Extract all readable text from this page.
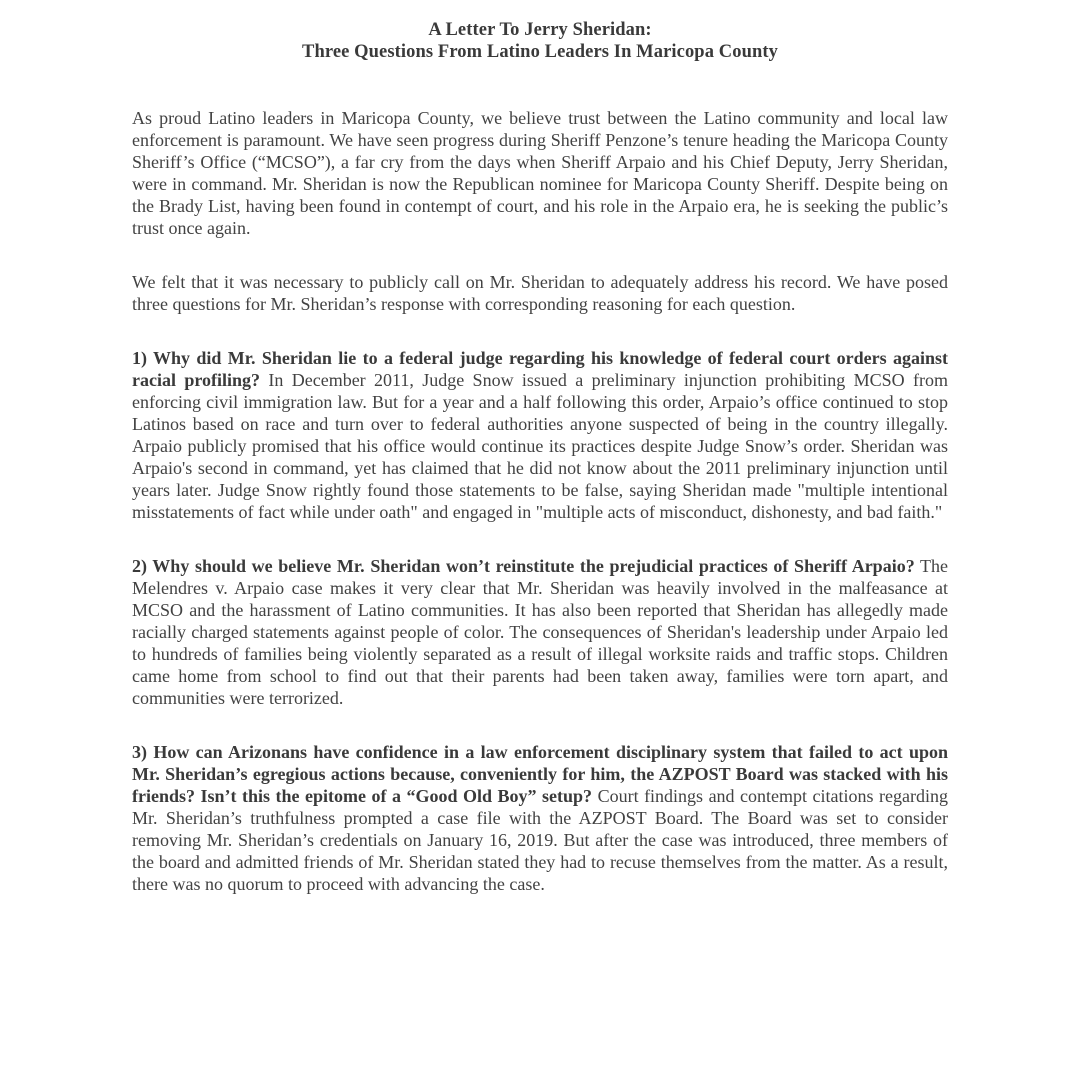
A Letter To Jerry Sheridan:
Three Questions From Latino Leaders In Maricopa County

As proud Latino leaders in Maricopa County, we believe trust between the Latino community and local law enforcement is paramount. We have seen progress during Sheriff Penzone’s tenure heading the Maricopa County Sheriff’s Office (“MCSO”), a far cry from the days when Sheriff Arpaio and his Chief Deputy, Jerry Sheridan, were in command. Mr. Sheridan is now the Republican nominee for Maricopa County Sheriff. Despite being on the Brady List, having been found in contempt of court, and his role in the Arpaio era, he is seeking the public’s trust once again.

We felt that it was necessary to publicly call on Mr. Sheridan to adequately address his record. We have posed three questions for Mr. Sheridan’s response with corresponding reasoning for each question.

1) Why did Mr. Sheridan lie to a federal judge regarding his knowledge of federal court orders against racial profiling? In December 2011, Judge Snow issued a preliminary injunction prohibiting MCSO from enforcing civil immigration law. But for a year and a half following this order, Arpaio’s office continued to stop Latinos based on race and turn over to federal authorities anyone suspected of being in the country illegally. Arpaio publicly promised that his office would continue its practices despite Judge Snow’s order. Sheridan was Arpaio's second in command, yet has claimed that he did not know about the 2011 preliminary injunction until years later. Judge Snow rightly found those statements to be false, saying Sheridan made "multiple intentional misstatements of fact while under oath" and engaged in "multiple acts of misconduct, dishonesty, and bad faith."

2) Why should we believe Mr. Sheridan won’t reinstitute the prejudicial practices of Sheriff Arpaio? The Melendres v. Arpaio case makes it very clear that Mr. Sheridan was heavily involved in the malfeasance at MCSO and the harassment of Latino communities. It has also been reported that Sheridan has allegedly made racially charged statements against people of color. The consequences of Sheridan's leadership under Arpaio led to hundreds of families being violently separated as a result of illegal worksite raids and traffic stops. Children came home from school to find out that their parents had been taken away, families were torn apart, and communities were terrorized.

3) How can Arizonans have confidence in a law enforcement disciplinary system that failed to act upon Mr. Sheridan’s egregious actions because, conveniently for him, the AZPOST Board was stacked with his friends? Isn’t this the epitome of a “Good Old Boy” setup? Court findings and contempt citations regarding Mr. Sheridan’s truthfulness prompted a case file with the AZPOST Board. The Board was set to consider removing Mr. Sheridan’s credentials on January 16, 2019. But after the case was introduced, three members of the board and admitted friends of Mr. Sheridan stated they had to recuse themselves from the matter. As a result, there was no quorum to proceed with advancing the case.
